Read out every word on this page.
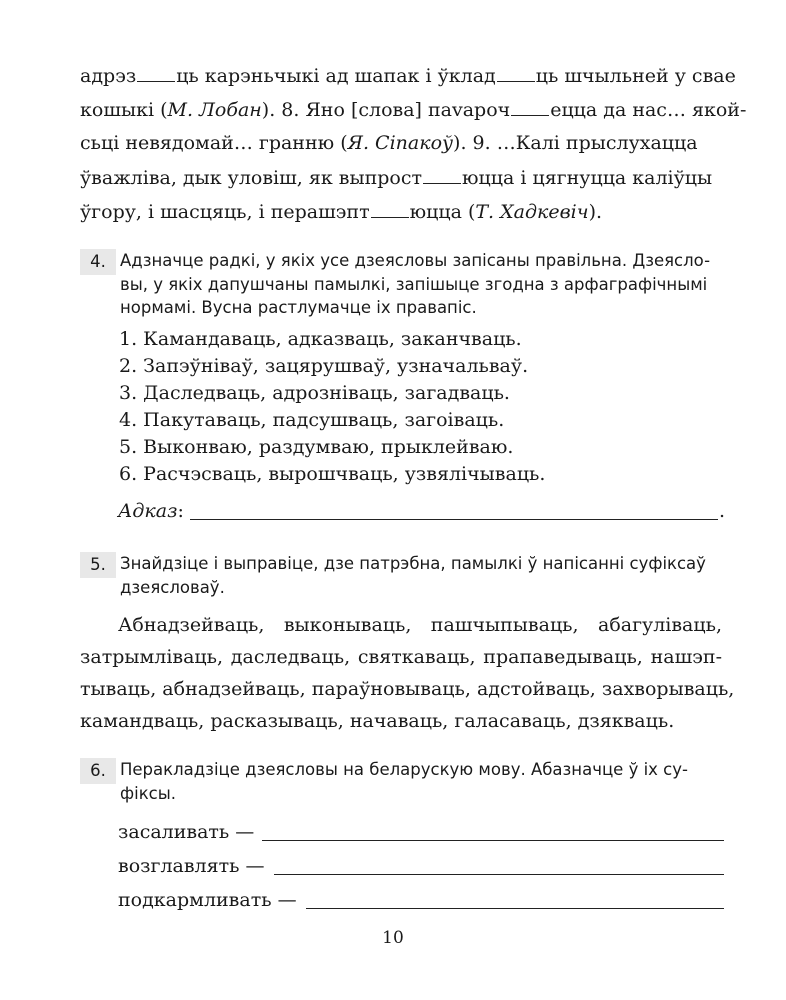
адрэз ць карэньчыкі ад шапак і ўклад ць шчыльней у свае
кошыкі (М. Лобан). 8. Яно [слова] пavароч ецца да нас… якой-
сьці невядомай… гранню (Я. Сіпакоў). 9. …Калі прыслухацца
ўважліва, дык улoвіш, як выпрост юцца і цягнуцца каліўцы
ўгору, і шасцяць, і перашэпт юцца (Т. Хадкевіч).
4. Адзначце радкі, у якіх усе дзеясловы запісаны правільна. Дзеяслo-
вы, у якіх дапушчаны памылкі, запішыце згодна з арфаграфічнымі
нормамі. Вусна растлумачце іх правапіс.
1. Камандаваць, адказваць, заканчваць.
2. Запэўніваў, зацярушваў, узначальваў.
3. Даследваць, адрозніваць, загадваць.
4. Пакутаваць, падсушваць, загоіваць.
5. Выконваю, раздумваю, прыклейваю.
6. Расчэсваць, вырошчваць, узвялічываць.
Адказ:	.
5. Знайдзіце і выправіце, дзе патрэбна, памылкі ў напісанні суфіксаў
дзеясловаў.
Абнадзейваць, выконываць, пашчыпываць, абагуліваць,
затрымліваць, даследваць, святкаваць, прапаведываць, нашэп-
тываць, абнадзейваць, параўновываць, адстойваць, захворываць,
камандваць, расказываць, начаваць, галасаваць, дзякваць.
6. Перакладзіце дзеясловы на беларускую мову. Абазначце ў іх су-
фіксы.
засаливать —
возглавлять —
подкармливать —
10
